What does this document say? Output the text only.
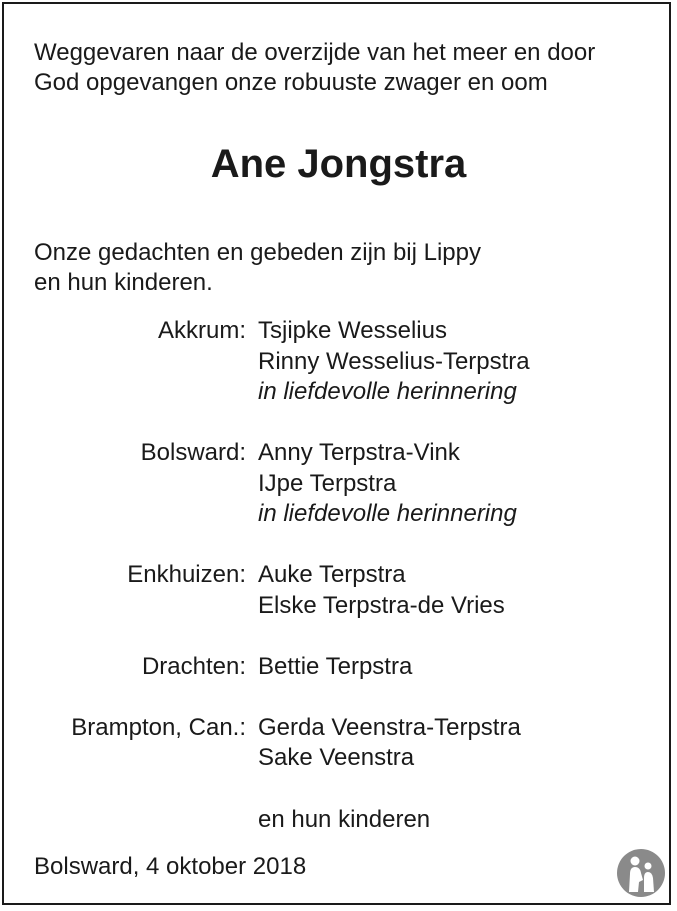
Weggevaren naar de overzijde van het meer en door
God opgevangen onze robuuste zwager en oom

Ane Jongstra

Onze gedachten en gebeden zijn bij Lippy
en hun kinderen.

Akkrum: Tsjipke Wesselius
Rinny Wesselius-Terpstra
in liefdevolle herinnering
Bolsward: Anny Terpstra-Vink
IJpe Terpstra
in liefdevolle herinnering
Enkhuizen: Auke Terpstra
Elske Terpstra-de Vries
Drachten: Bettie Terpstra
Brampton, Can.: Gerda Veenstra-Terpstra
Sake Veenstra
en hun kinderen
Bolsward, 4 oktober 2018
